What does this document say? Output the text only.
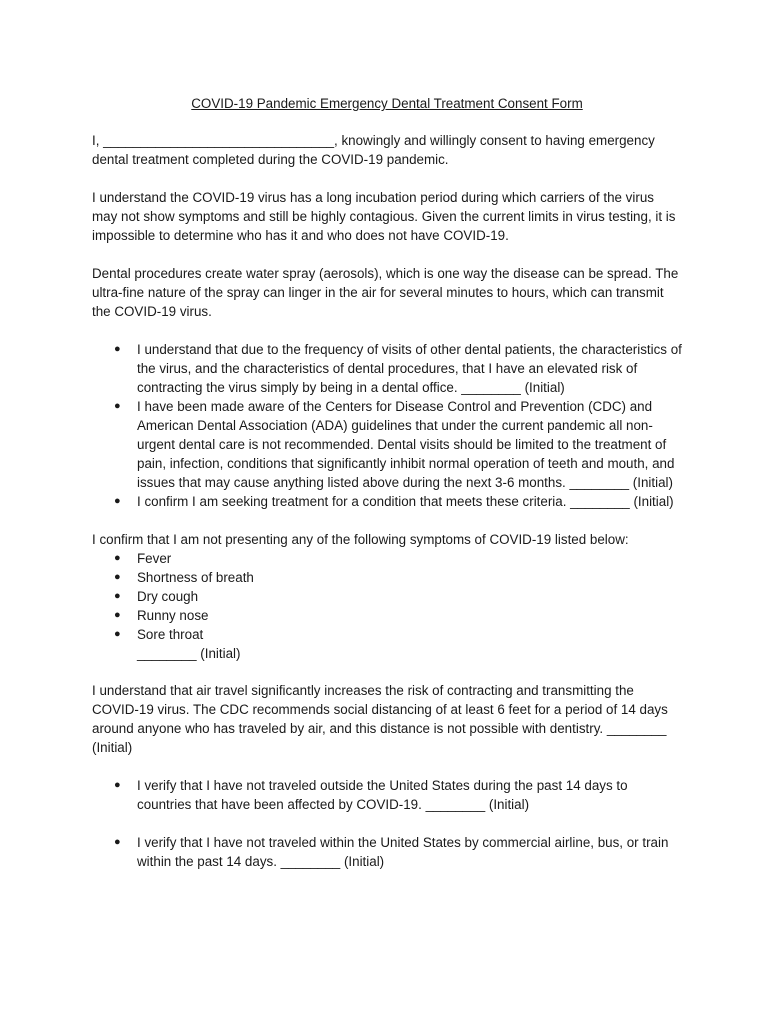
COVID-19 Pandemic Emergency Dental Treatment Consent Form

I, _______________________________, knowingly and willingly consent to having emergency dental treatment completed during the COVID-19 pandemic.

I understand the COVID-19 virus has a long incubation period during which carriers of the virus may not show symptoms and still be highly contagious. Given the current limits in virus testing, it is impossible to determine who has it and who does not have COVID-19.

Dental procedures create water spray (aerosols), which is one way the disease can be spread. The ultra-fine nature of the spray can linger in the air for several minutes to hours, which can transmit the COVID-19 virus.

● I understand that due to the frequency of visits of other dental patients, the characteristics of the virus, and the characteristics of dental procedures, that I have an elevated risk of contracting the virus simply by being in a dental office. ________ (Initial)
● I have been made aware of the Centers for Disease Control and Prevention (CDC) and American Dental Association (ADA) guidelines that under the current pandemic all non-urgent dental care is not recommended. Dental visits should be limited to the treatment of pain, infection, conditions that significantly inhibit normal operation of teeth and mouth, and issues that may cause anything listed above during the next 3-6 months. ________ (Initial)
● I confirm I am seeking treatment for a condition that meets these criteria. ________ (Initial)

I confirm that I am not presenting any of the following symptoms of COVID-19 listed below:

● Fever
● Shortness of breath
● Dry cough
● Runny nose
● Sore throat
________ (Initial)

I understand that air travel significantly increases the risk of contracting and transmitting the COVID-19 virus. The CDC recommends social distancing of at least 6 feet for a period of 14 days around anyone who has traveled by air, and this distance is not possible with dentistry. ________ (Initial)

● I verify that I have not traveled outside the United States during the past 14 days to countries that have been affected by COVID-19. ________ (Initial)
● I verify that I have not traveled within the United States by commercial airline, bus, or train within the past 14 days. ________ (Initial)
